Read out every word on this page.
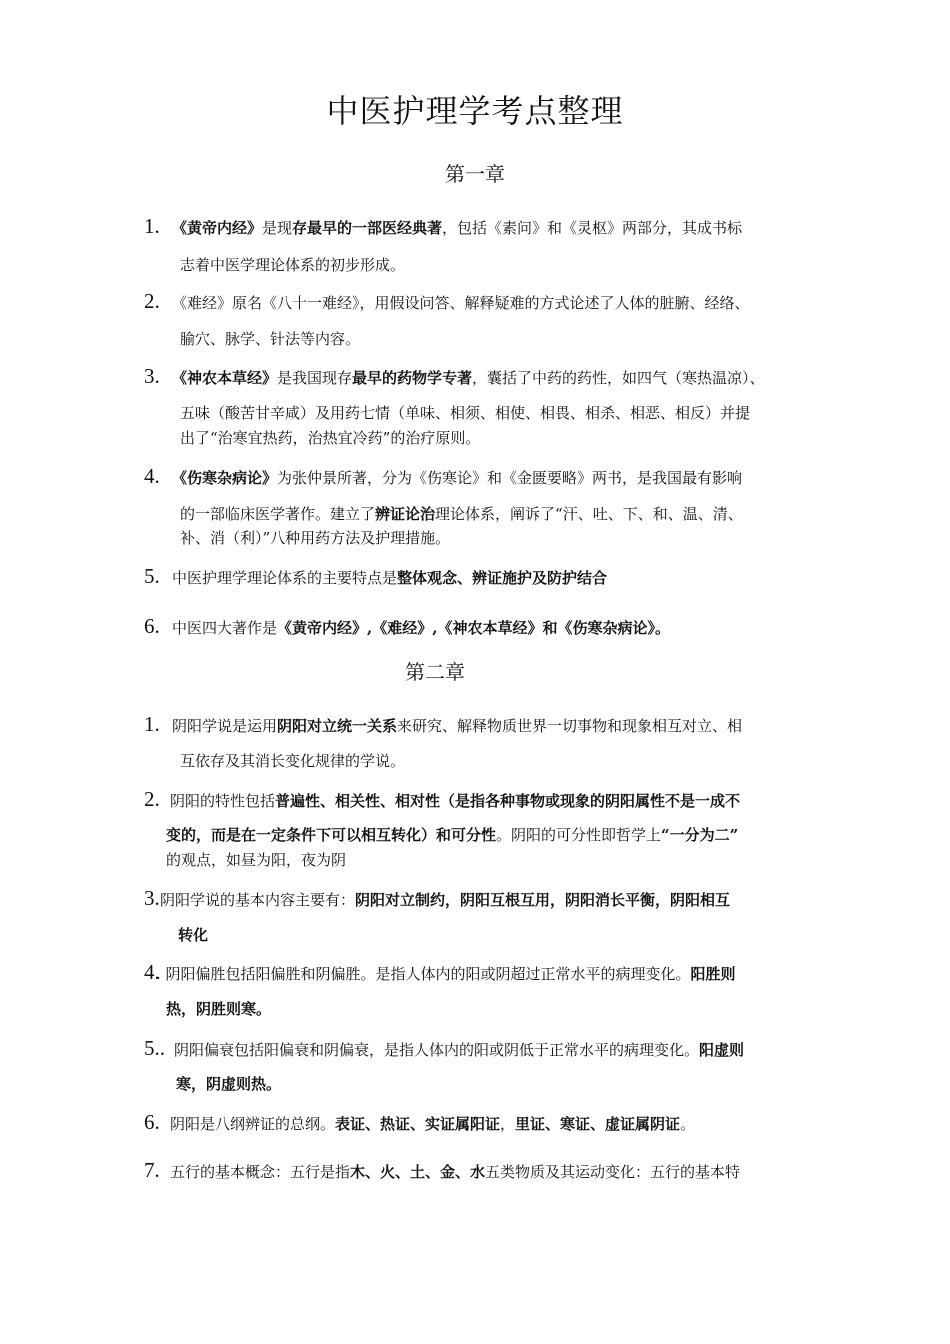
中医护理学考点整理
第一章
1. 《黄帝内经》是现存最早的一部医经典著，包括《素问》和《灵枢》两部分，其成书标
志着中医学理论体系的初步形成。
2. 《难经》原名《八十一难经》，用假设问答、解释疑难的方式论述了人体的脏腑、经络、
腧穴、脉学、针法等内容。
3. 《神农本草经》是我国现存最早的药物学专著，囊括了中药的药性，如四气（寒热温凉）、
五味（酸苦甘辛咸）及用药七情（单味、相须、相使、相畏、相杀、相恶、相反）并提
出了“治寒宜热药，治热宜冷药”的治疗原则。
4. 《伤寒杂病论》为张仲景所著，分为《伤寒论》和《金匮要略》两书，是我国最有影响
的一部临床医学著作。建立了辨证论治理论体系，阐诉了“汗、吐、下、和、温、清、
补、消（利）”八种用药方法及护理措施。
5. 中医护理学理论体系的主要特点是整体观念、辨证施护及防护结合
6. 中医四大著作是《黄帝内经》,《难经》,《神农本草经》和《伤寒杂病论》。
第二章
1. 阴阳学说是运用阴阳对立统一关系来研究、解释物质世界一切事物和现象相互对立、相
互依存及其消长变化规律的学说。
2. 阴阳的特性包括普遍性、相关性、相对性（是指各种事物或现象的阴阳属性不是一成不
变的，而是在一定条件下可以相互转化）和可分性。阴阳的可分性即哲学上“一分为二”
的观点，如昼为阳，夜为阴
3. 阴阳学说的基本内容主要有：阴阳对立制约，阴阳互根互用，阴阳消长平衡，阴阳相互
转化
4.
. 阴阳偏胜包括阳偏胜和阴偏胜。是指人体内的阳或阴超过正常水平的病理变化。阳胜则
热，阴胜则寒。
5.. 阴阳偏衰包括阳偏衰和阴偏衰，是指人体内的阳或阴低于正常水平的病理变化。阳虚则
寒，阴虚则热。
6. 阴阳是八纲辨证的总纲。表证、热证、实证属阳证，里证、寒证、虚证属阴证。
7. 五行的基本概念：五行是指木、火、土、金、水五类物质及其运动变化：五行的基本特
